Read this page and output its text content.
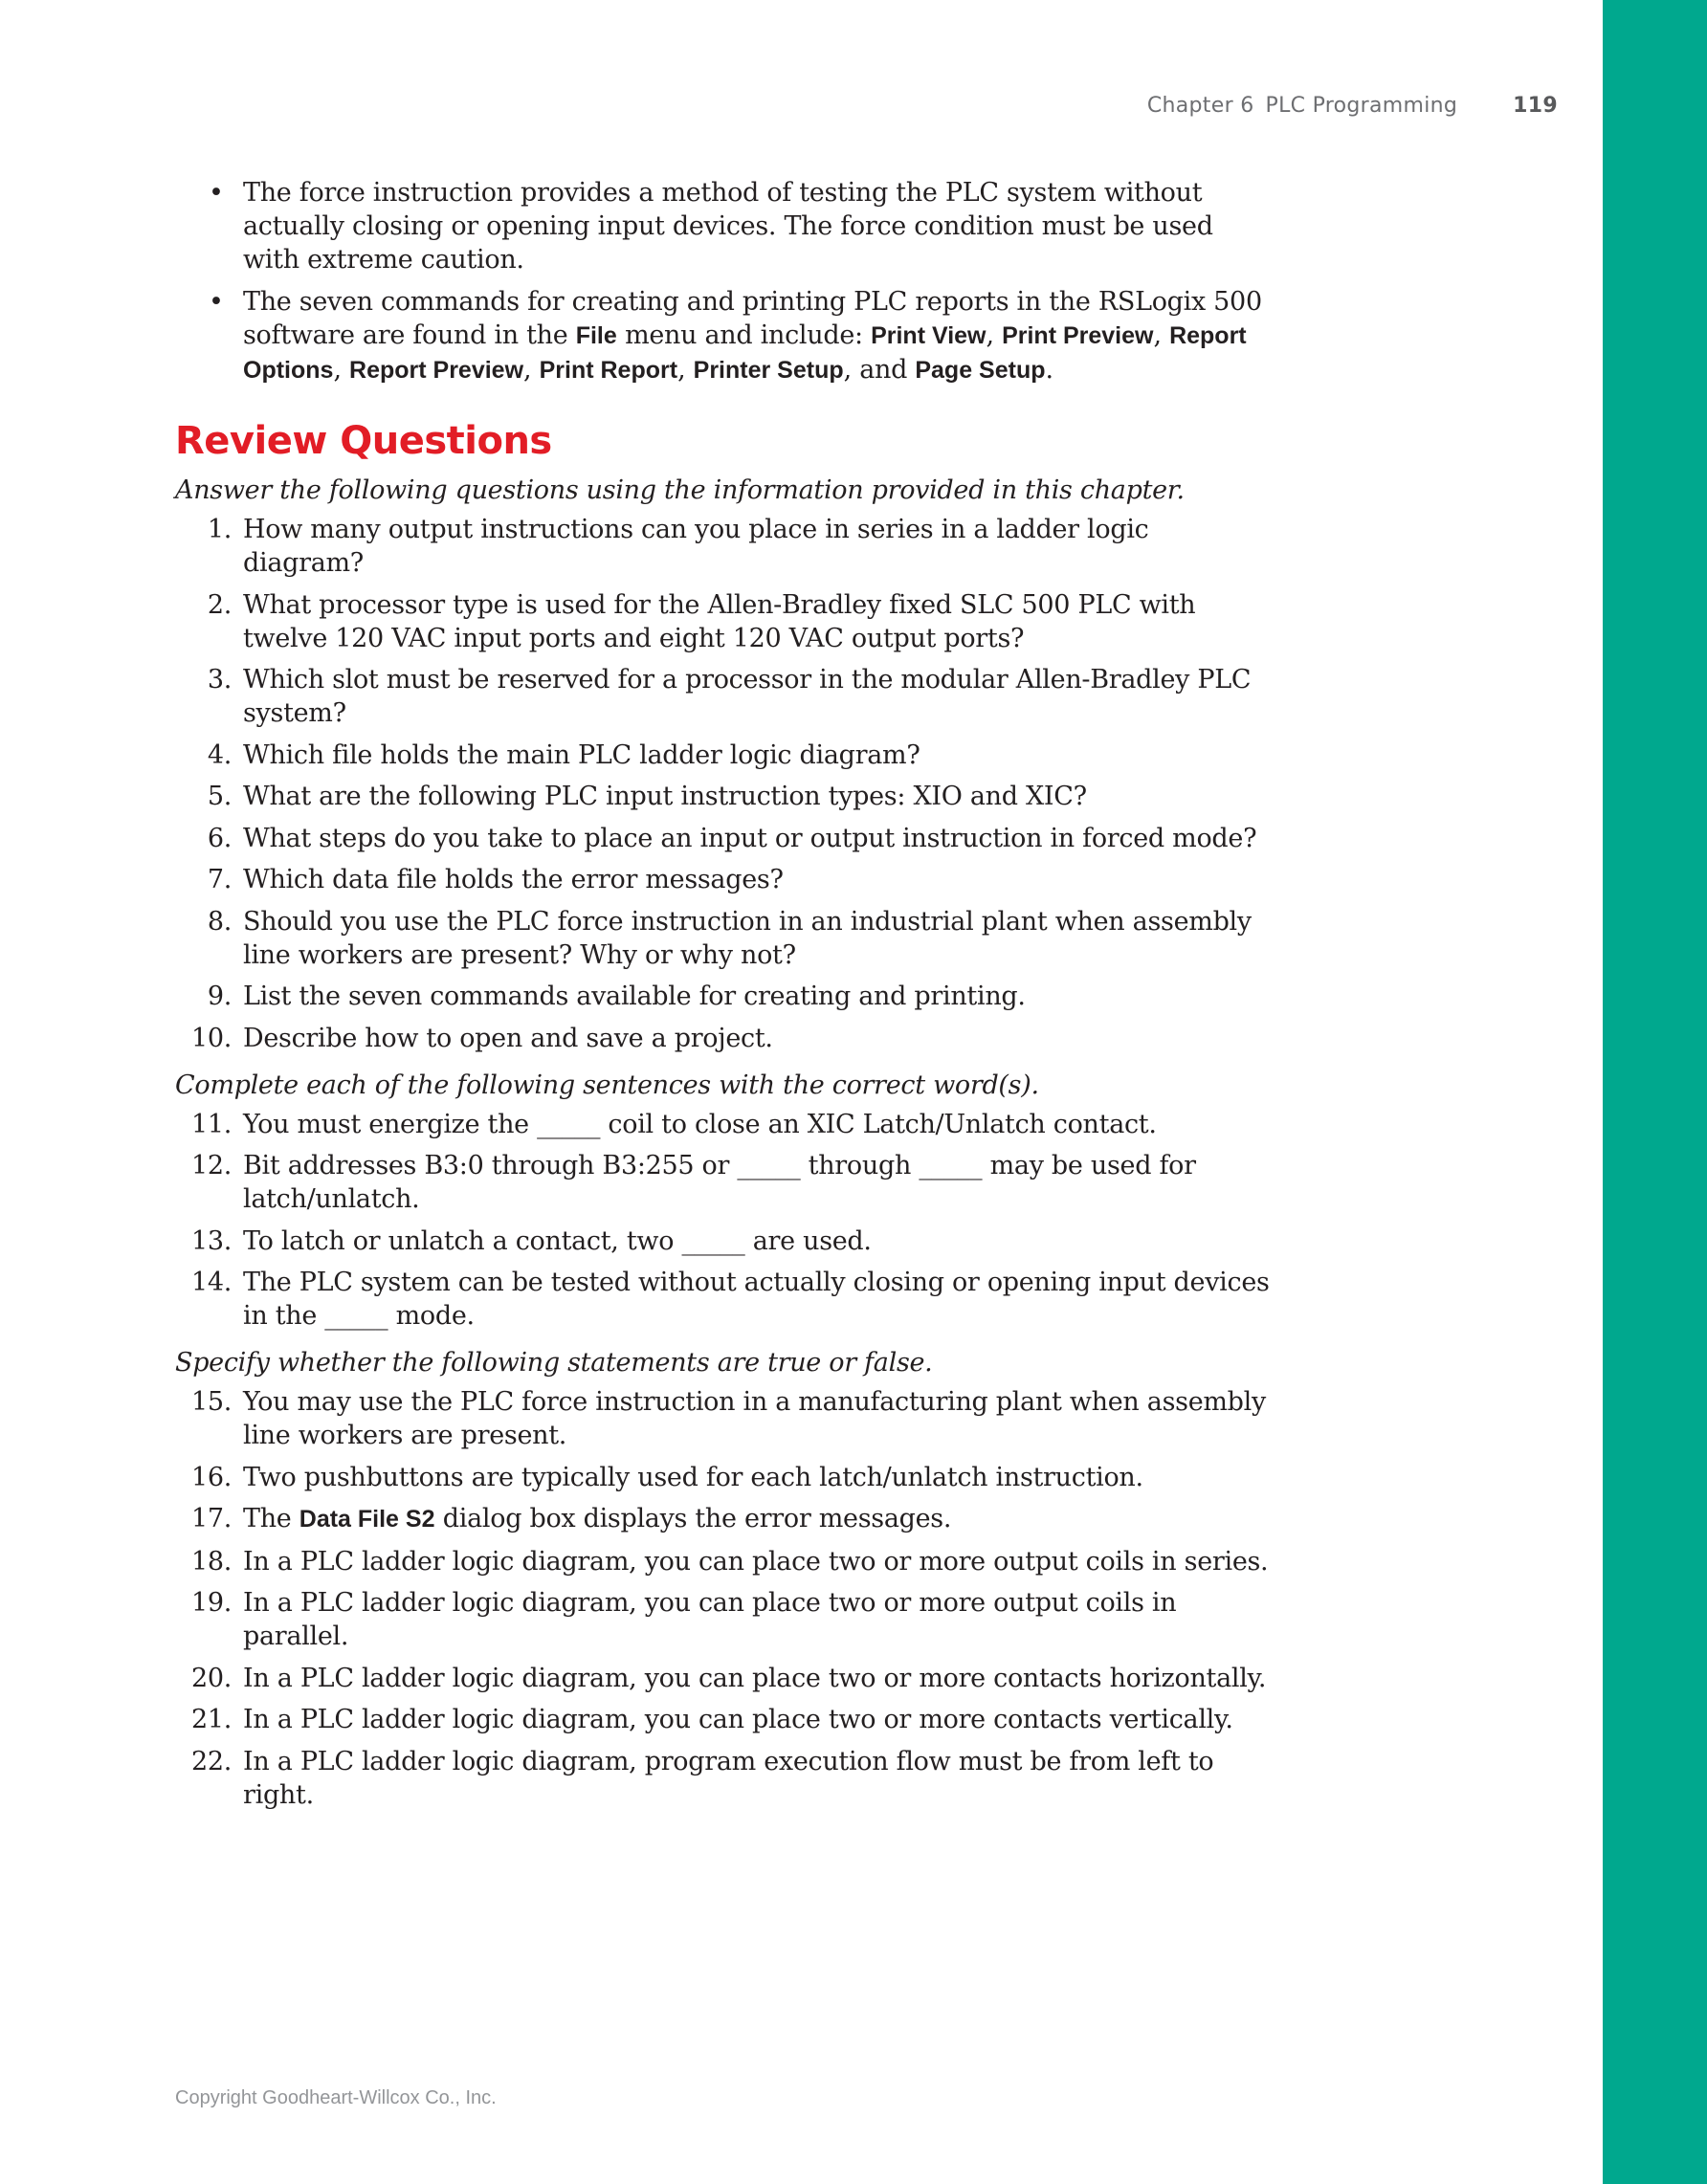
Chapter 6 PLC Programming	119
• The force instruction provides a method of testing the PLC system without actually closing or opening input devices. The force condition must be used with extreme caution.
• The seven commands for creating and printing PLC reports in the RSLogix 500 software are found in the File menu and include: Print View, Print Preview, Report Options, Report Preview, Print Report, Printer Setup, and Page Setup.
Review Questions

Answer the following questions using the information provided in this chapter.

1. How many output instructions can you place in series in a ladder logic diagram?
2. What processor type is used for the Allen-Bradley fixed SLC 500 PLC with twelve 120 VAC input ports and eight 120 VAC output ports?
3. Which slot must be reserved for a processor in the modular Allen-Bradley PLC system?
4. Which file holds the main PLC ladder logic diagram?
5. What are the following PLC input instruction types: XIO and XIC?
6. What steps do you take to place an input or output instruction in forced mode?
7. Which data file holds the error messages?
8. Should you use the PLC force instruction in an industrial plant when assembly line workers are present? Why or why not?
9. List the seven commands available for creating and printing.
10. Describe how to open and save a project.

Complete each of the following sentences with the correct word(s).

11. You must energize the _____ coil to close an XIC Latch/Unlatch contact.
12. Bit addresses B3:0 through B3:255 or _____ through _____ may be used for latch/unlatch.
13. To latch or unlatch a contact, two _____ are used.
14. The PLC system can be tested without actually closing or opening input devices in the _____ mode.

Specify whether the following statements are true or false.

15. You may use the PLC force instruction in a manufacturing plant when assembly line workers are present.
16. Two pushbuttons are typically used for each latch/unlatch instruction.
17. The Data File S2 dialog box displays the error messages.
18. In a PLC ladder logic diagram, you can place two or more output coils in series.
19. In a PLC ladder logic diagram, you can place two or more output coils in parallel.
20. In a PLC ladder logic diagram, you can place two or more contacts horizontally.
21. In a PLC ladder logic diagram, you can place two or more contacts vertically.
22. In a PLC ladder logic diagram, program execution flow must be from left to right.
Copyright Goodheart-Willcox Co., Inc.
